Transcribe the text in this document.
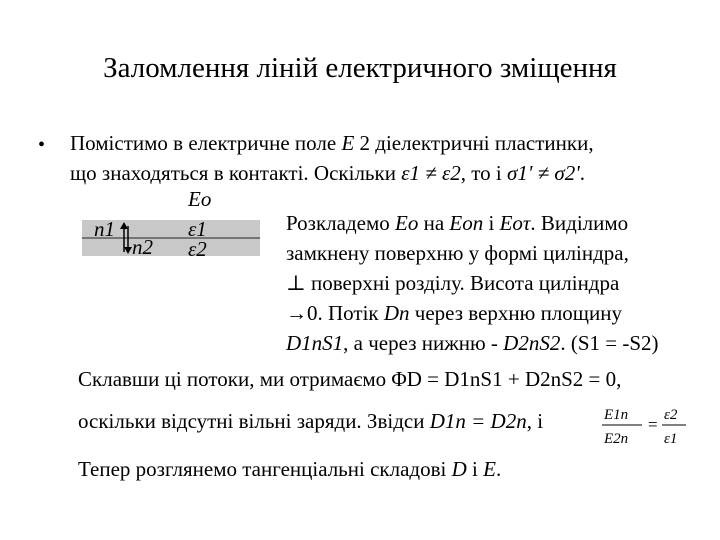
Заломлення ліній електричного зміщення
• Помістимо в електричне поле E 2 діелектричні пластинки,
що знаходяться в контакті. Оскільки ε1 ≠ ε2, то і σ1' ≠ σ2'.
Eo
ε1
ε2
n1
n2
Розкладемо Eo на Eоn і Eоτ. Виділимо
замкнену поверхню у формі циліндра,
⊥ поверхні розділу. Висота циліндра
→0. Потік Dn через верхню площину
D1nS1, а через нижню - D2nS2. (S1 = -S2)
Склавши ці потоки, ми отримаємо ΦD = D1nS1 + D2nS2 = 0,
оскільки відсутні вільні заряди. Звідси D1n = D2n, і	E1n
E2n
= ε2
ε1
Тепер розглянемо тангенціальні складові D і E.
